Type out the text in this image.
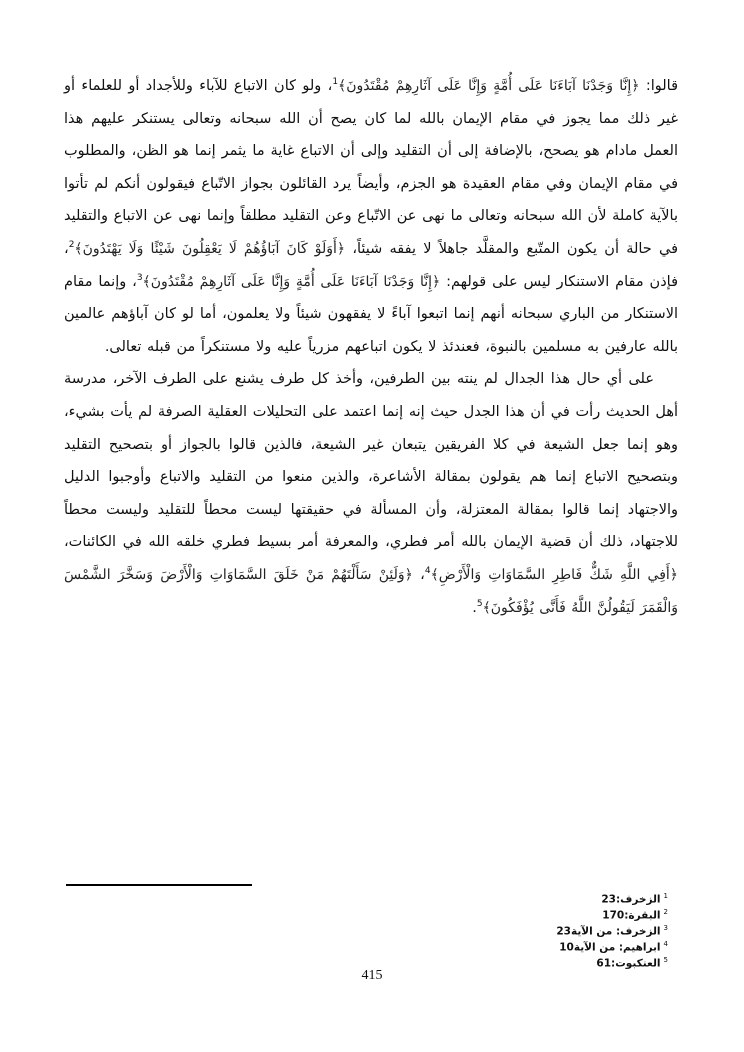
قالوا: ﴿إِنَّا وَجَدْنَا آبَاءَنَا عَلَى أُمَّةٍ وَإِنَّا عَلَى آثَارِهِمْ مُقْتَدُونَ﴾$^1$، ولو كان الاتباع للآباء وللأجداد أو للعلماء أو غير ذلك مما يجوز في مقام الإيمان بالله لما كان يصح أن الله سبحانه وتعالى يستنكر عليهم هذا العمل مادام هو يصحح، بالإضافة إلى أن التقليد وإلى أن الاتباع غاية ما يثمر إنما هو الظن، والمطلوب في مقام الإيمان وفي مقام العقيدة هو الجزم، وأيضاً يرد القائلون بجواز الاتّباع فيقولون أنكم لم تأتوا بالآية كاملة لأن الله سبحانه وتعالى ما نهى عن الاتّباع وعن التقليد مطلقاً وإنما نهى عن الاتباع والتقليد في حالة أن يكون المتّبع والمقلَّد جاهلاً لا يفقه شيئاً، ﴿أَوَلَوْ كَانَ آبَاؤُهُمْ لَا يَعْقِلُونَ شَيْئًا وَلَا يَهْتَدُونَ﴾$^2$، فإذن مقام الاستنكار ليس على قولهم: ﴿إِنَّا وَجَدْنَا آبَاءَنَا عَلَى أُمَّةٍ وَإِنَّا عَلَى آثَارِهِمْ مُقْتَدُونَ﴾$^3$، وإنما مقام الاستنكار من الباري سبحانه أنهم إنما اتبعوا آباءً لا يفقهون شيئاً ولا يعلمون، أما لو كان آباؤهم عالمين بالله عارفين به مسلمين بالنبوة، فعندئذ لا يكون اتباعهم مزرياً عليه ولا مستنكراً من قبله تعالى.

على أي حال هذا الجدال لم ينته بين الطرفين، وأخذ كل طرف يشنع على الطرف الآخر، مدرسة أهل الحديث رأت في أن هذا الجدل حيث إنه إنما اعتمد على التحليلات العقلية الصرفة لم يأت بشيء، وهو إنما جعل الشيعة في كلا الفريقين يتبعان غير الشيعة، فالذين قالوا بالجواز أو بتصحيح التقليد وبتصحيح الاتباع إنما هم يقولون بمقالة الأشاعرة، والذين منعوا من التقليد والاتباع وأوجبوا الدليل والاجتهاد إنما قالوا بمقالة المعتزلة، وأن المسألة في حقيقتها ليست محطاً للتقليد وليست محطاً للاجتهاد، ذلك أن قضية الإيمان بالله أمر فطري، والمعرفة أمر بسيط فطري خلقه الله في الكائنات، ﴿أَفِي اللَّهِ شَكٌّ فَاطِرِ السَّمَاوَاتِ وَالْأَرْضِ﴾$^4$، ﴿وَلَئِنْ سَأَلْتَهُمْ مَنْ خَلَقَ السَّمَاوَاتِ وَالْأَرْضَ وَسَخَّرَ الشَّمْسَ وَالْقَمَرَ لَيَقُولُنَّ اللَّهُ فَأَنَّى يُؤْفَكُونَ﴾$^5$.

$^1$الزخرف:23
$^2$البقرة:170
$^3$الزخرف: من الآية23
$^4$ابراهيم: من الآية10
$^5$العنكبوت:61
415
